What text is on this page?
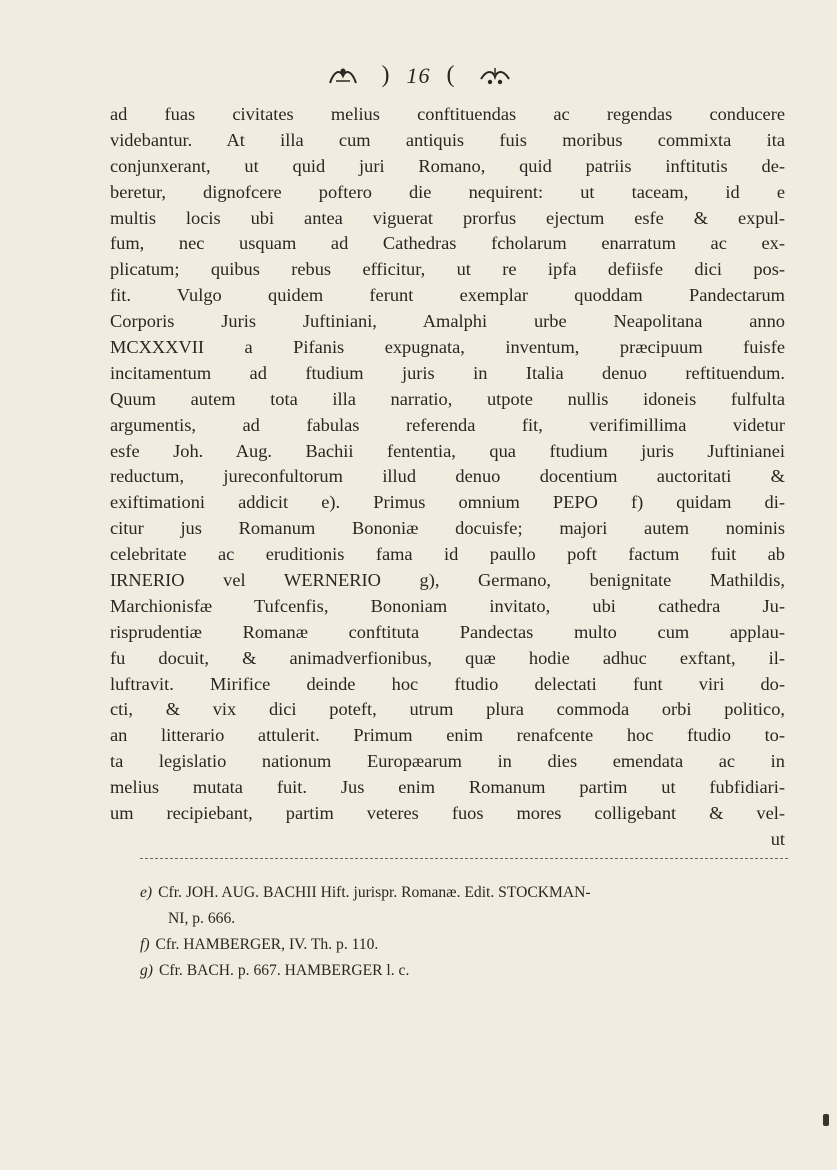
) 16 (
ad fuas civitates melius conftituendas ac regendas conducere
videbantur. At illa cum antiquis fuis moribus commixta ita
conjunxerant, ut quid juri Romano, quid patriis inftitutis de-
beretur, dignofcere poftero die nequirent: ut taceam, id e
multis locis ubi antea viguerat prorfus ejectum esfe & expul-
fum, nec usquam ad Cathedras fcholarum enarratum ac ex-
plicatum; quibus rebus efficitur, ut re ipfa defiisfe dici pos-
fit. Vulgo quidem ferunt exemplar quoddam Pandectarum
Corporis Juris Juftiniani, Amalphi urbe Neapolitana anno
MCXXXVII a Pifanis expugnata, inventum, præcipuum fuisfe
incitamentum ad ftudium juris in Italia denuo reftituendum.
Quum autem tota illa narratio, utpote nullis idoneis fulfulta
argumentis, ad fabulas referenda fit, verifimillima videtur
esfe Joh. Aug. Bachii fententia, qua ftudium juris Juftinianei
reductum, jureconfultorum illud denuo docentium auctoritati &
exiftimationi addicit e). Primus omnium PEPO f) quidam di-
citur jus Romanum Bononiæ docuisfe; majori autem nominis
celebritate ac eruditionis fama id paullo poft factum fuit ab
IRNERIO vel WERNERIO g), Germano, benignitate Mathildis,
Marchionisfæ Tufcenfis, Bononiam invitato, ubi cathedra Ju-
risprudentiæ Romanæ conftituta Pandectas multo cum applau-
fu docuit, & animadverfionibus, quæ hodie adhuc exftant, il-
luftravit. Mirifice deinde hoc ftudio delectati funt viri do-
cti, & vix dici poteft, utrum plura commoda orbi politico,
an litterario attulerit. Primum enim renafcente hoc ftudio to-
ta legislatio nationum Europæarum in dies emendata ac in
melius mutata fuit. Jus enim Romanum partim ut fubfidiari-
um recipiebant, partim veteres fuos mores colligebant & vel-
ut
e) Cfr. JOH. AUG. BACHII Hift. jurispr. Romanæ. Edit. STOCKMAN-
NI, p. 666.
f) Cfr. HAMBERGER, IV. Th. p. 110.
g) Cfr. BACH. p. 667. HAMBERGER l. c.
